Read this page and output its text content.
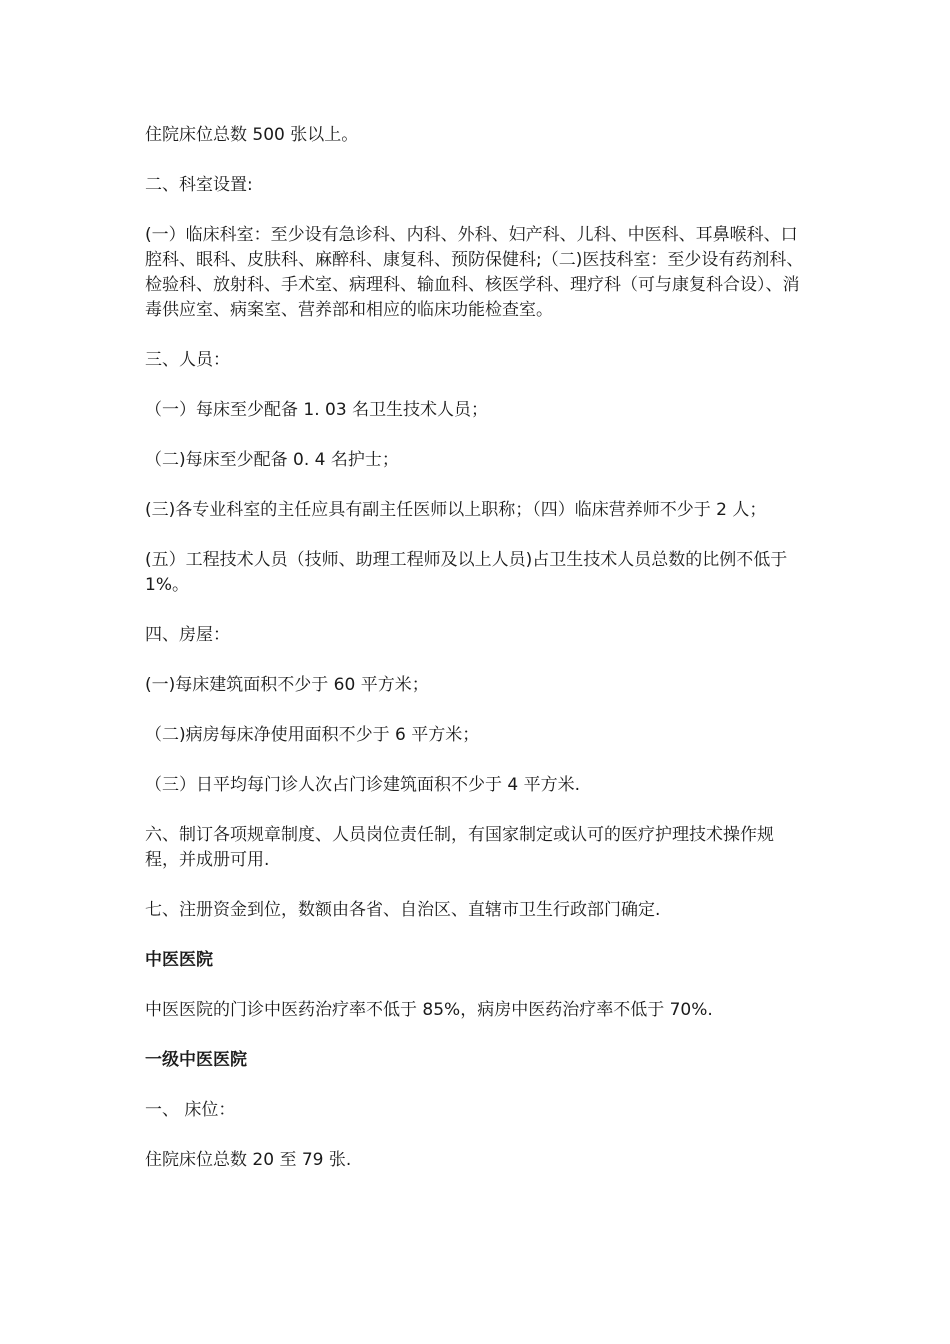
住院床位总数 500 张以上。

二、科室设置:

(一）临床科室：至少设有急诊科、内科、外科、妇产科、儿科、中医科、耳鼻喉科、口腔科、眼科、皮肤科、麻醉科、康复科、预防保健科;（二)医技科室：至少设有药剂科、检验科、放射科、手术室、病理科、输血科、核医学科、理疗科（可与康复科合设）、消毒供应室、病案室、营养部和相应的临床功能检查室。

三、人员：

（一）每床至少配备 1. 03 名卫生技术人员；

（二)每床至少配备 0. 4 名护士；

(三)各专业科室的主任应具有副主任医师以上职称；（四）临床营养师不少于 2 人；

(五）工程技术人员（技师、助理工程师及以上人员)占卫生技术人员总数的比例不低于 1%。

四、房屋：

(一)每床建筑面积不少于 60 平方米；

（二)病房每床净使用面积不少于 6 平方米；

（三）日平均每门诊人次占门诊建筑面积不少于 4 平方米.

六、制订各项规章制度、人员岗位责任制，有国家制定或认可的医疗护理技术操作规程，并成册可用.

七、注册资金到位，数额由各省、自治区、直辖市卫生行政部门确定.

中医医院

中医医院的门诊中医药治疗率不低于 85%，病房中医药治疗率不低于 70%.

一级中医医院

一、 床位：

住院床位总数 20 至 79 张.
